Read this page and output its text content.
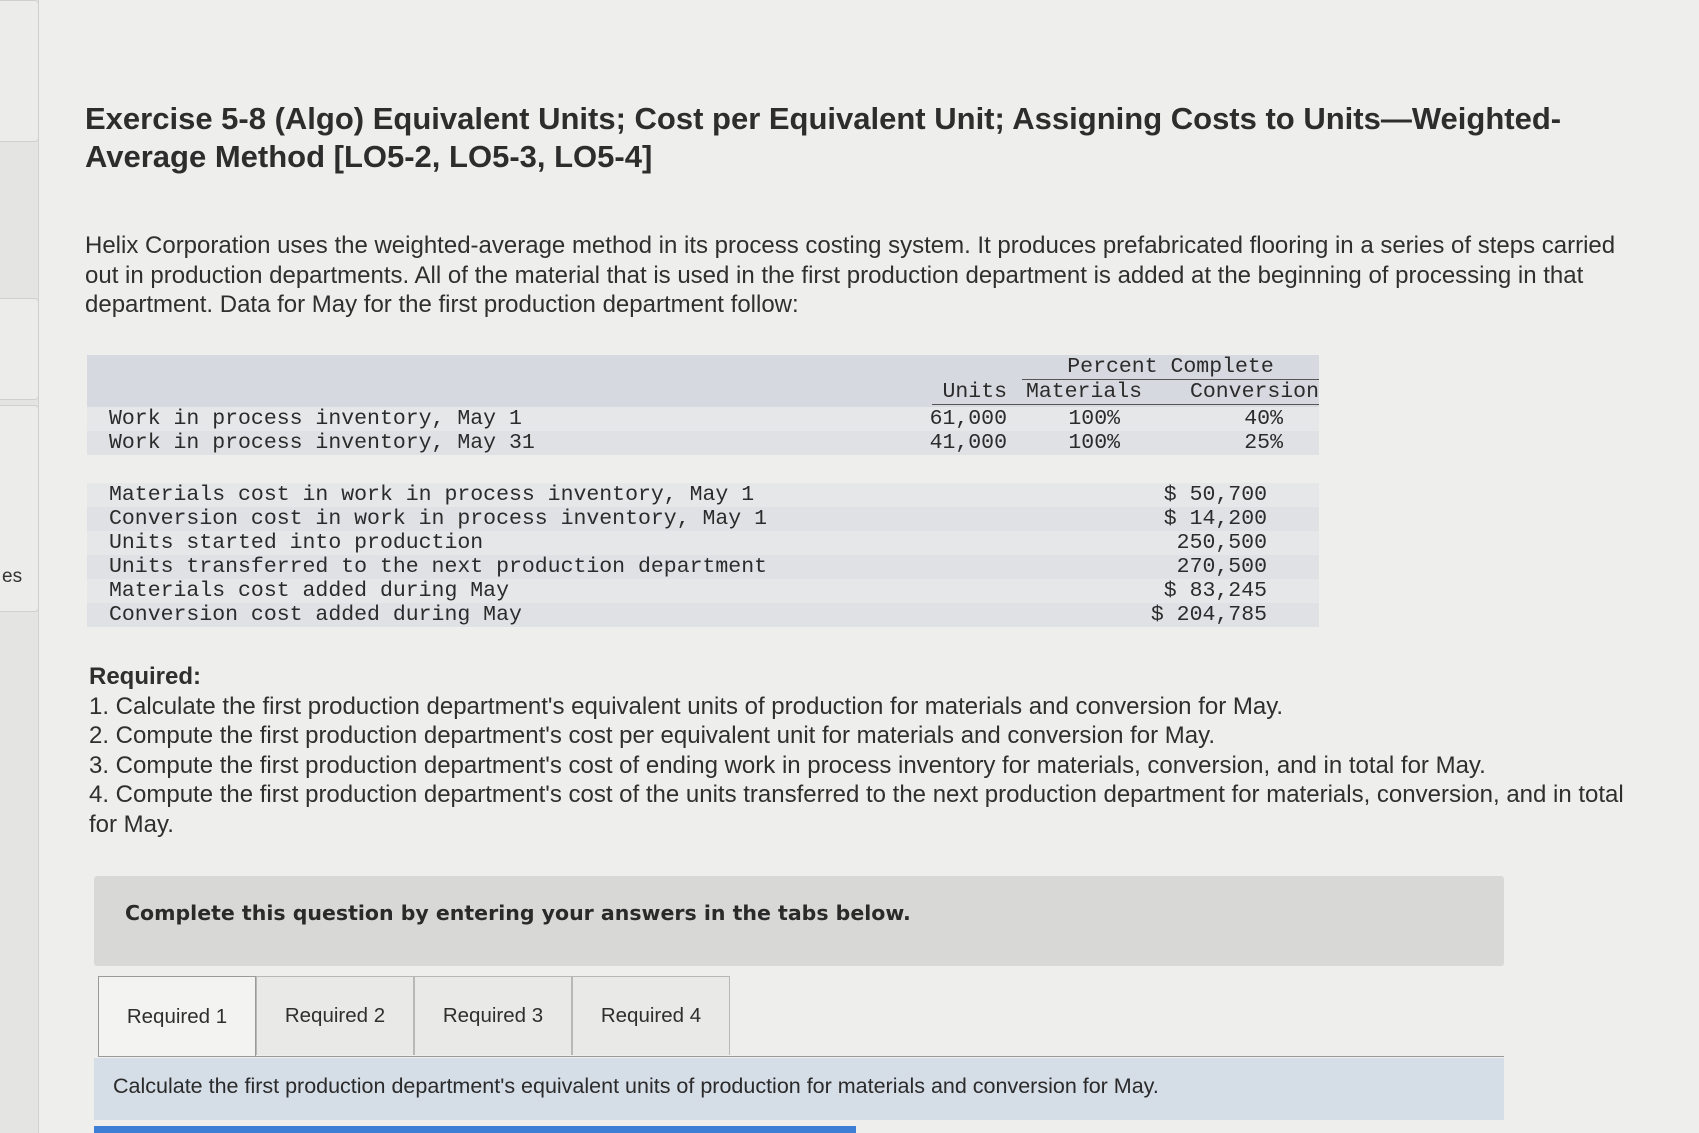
es
Exercise 5-8 (Algo) Equivalent Units; Cost per Equivalent Unit; Assigning Costs to Units—Weighted-Average Method [LO5-2, LO5-3, LO5-4]

Helix Corporation uses the weighted-average method in its process costing system. It produces prefabricated flooring in a series of steps carried out in production departments. All of the material that is used in the first production department is added at the beginning of processing in that department. Data for May for the first production department follow:

Percent Complete
Units Materials	Conversion
Work in process inventory, May 1	61,000	100%	40%
Work in process inventory, May 31	41,000	100%	25%
Materials cost in work in process inventory, May 1	$ 50,700
Conversion cost in work in process inventory, May 1	$ 14,200
Units started into production	250,500
Units transferred to the next production department	270,500
Materials cost added during May	$ 83,245
Conversion cost added during May	$ 204,785
Required:
1. Calculate the first production department's equivalent units of production for materials and conversion for May.
2. Compute the first production department's cost per equivalent unit for materials and conversion for May.
3. Compute the first production department's cost of ending work in process inventory for materials, conversion, and in total for May.
4. Compute the first production department's cost of the units transferred to the next production department for materials, conversion, and in total for May.
Complete this question by entering your answers in the tabs below.
Required 1	Required 2	Required 3	Required 4
Calculate the first production department's equivalent units of production for materials and conversion for May.
